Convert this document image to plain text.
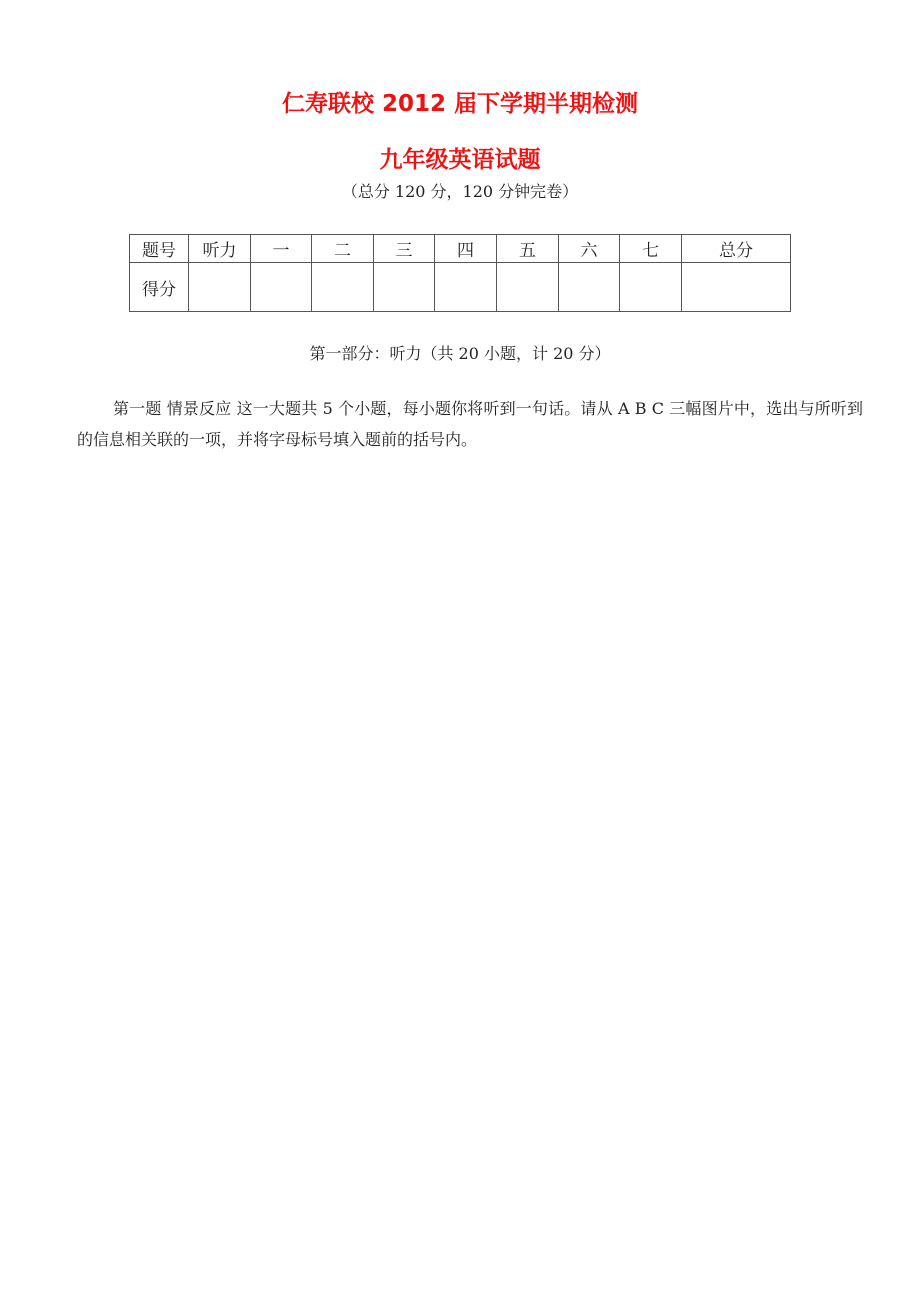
仁寿联校 2012 届下学期半期检测
九年级英语试题
（总分 120 分，120 分钟完卷）
题号	听力	一	二	三	四	五	六	七	总分
得分									
第一部分：听力（共 20 小题，计 20 分）

第一题 情景反应 这一大题共 5 个小题，每小题你将听到一句话。请从 A B C 三幅图片中，选出与所听到的信息相关联的一项，并将字母标号填入题前的括号内。
